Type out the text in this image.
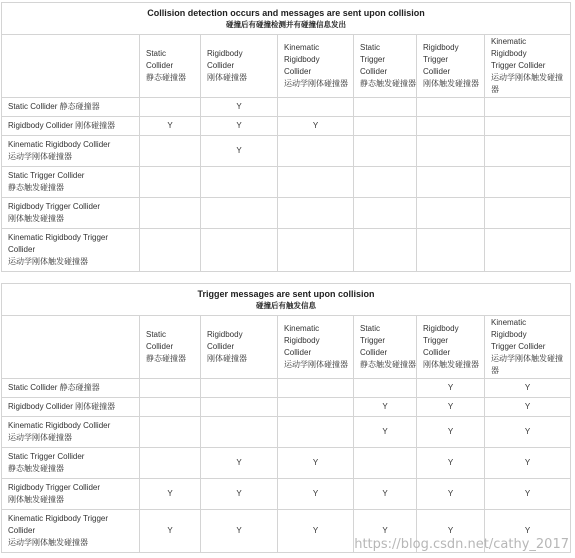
Collision detection occurs and messages are sent upon collision
碰撞后有碰撞检测并有碰撞信息发出						

	Static
Collider
静态碰撞器	Rigidbody
Collider
刚体碰撞器	Kinematic
Rigidbody
Collider
运动学刚体碰撞器	Static
Trigger
Collider
静态触发碰撞器	Rigidbody
Trigger
Collider
刚体触发碰撞器	Kinematic
Rigidbody
Trigger Collider
运动学刚体触发碰撞
器

Static Collider 静态碰撞器		Y				

Rigidbody Collider 刚体碰撞器	Y	Y	Y			

Kinematic Rigidbody Collider
运动学刚体碰撞器		Y				

Static Trigger Collider
静态触发碰撞器						

Rigidbody Trigger Collider
刚体触发碰撞器						

Kinematic Rigidbody Trigger
Collider
运动学刚体触发碰撞器						

Trigger messages are sent upon collision
碰撞后有触发信息						

	Static
Collider
静态碰撞器	Rigidbody
Collider
刚体碰撞器	Kinematic
Rigidbody
Collider
运动学刚体碰撞器	Static
Trigger
Collider
静态触发碰撞器	Rigidbody
Trigger
Collider
刚体触发碰撞器	Kinematic
Rigidbody
Trigger Collider
运动学刚体触发碰撞
器

Static Collider 静态碰撞器					Y	Y

Rigidbody Collider 刚体碰撞器				Y	Y	Y

Kinematic Rigidbody Collider
运动学刚体碰撞器				Y	Y	Y

Static Trigger Collider
静态触发碰撞器		Y	Y		Y	Y

Rigidbody Trigger Collider
刚体触发碰撞器	Y	Y	Y	Y	Y	Y

Kinematic Rigidbody Trigger
Collider
运动学刚体触发碰撞器	Y	Y	Y	Y	Y	Y
https://blog.csdn.net/cathy_2017
